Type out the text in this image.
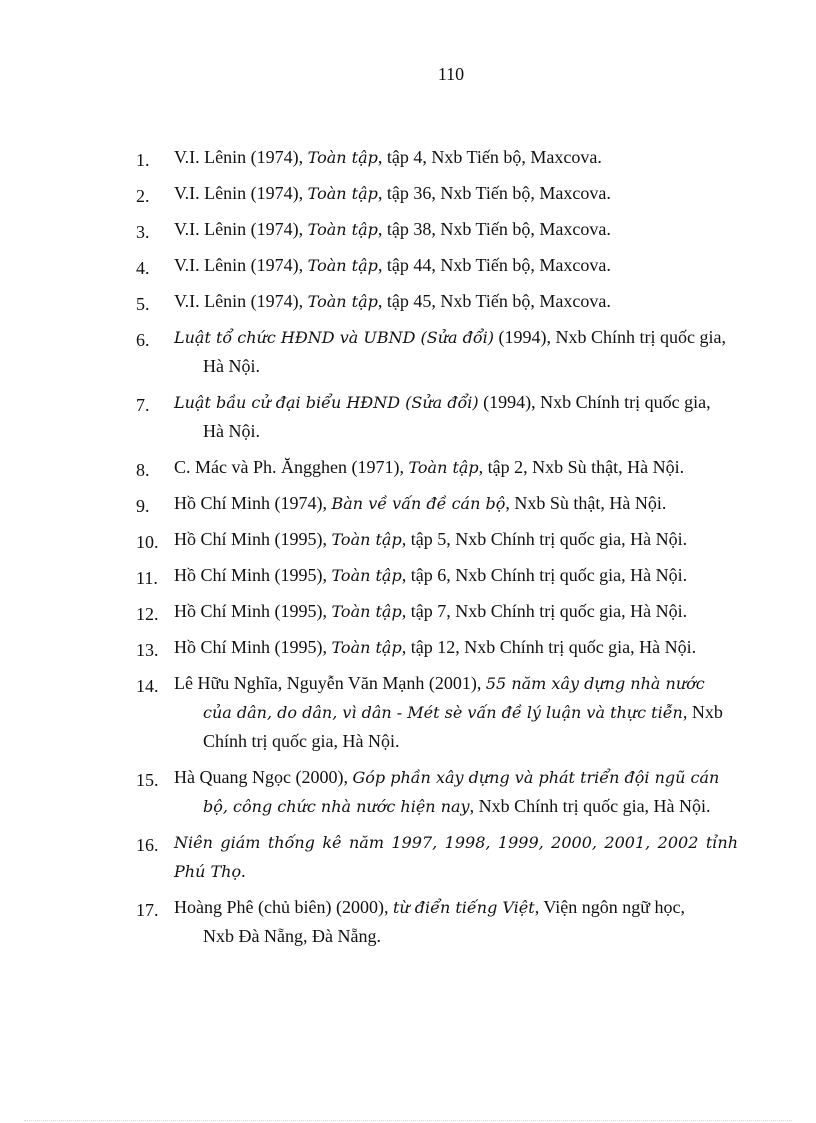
110
1.	V.I. Lênin (1974), Toàn tập, tập 4, Nxb Tiến bộ, Maxcova.
2.	V.I. Lênin (1974), Toàn tập, tập 36, Nxb Tiến bộ, Maxcova.
3.	V.I. Lênin (1974), Toàn tập, tập 38, Nxb Tiến bộ, Maxcova.
4.	V.I. Lênin (1974), Toàn tập, tập 44, Nxb Tiến bộ, Maxcova.
5.	V.I. Lênin (1974), Toàn tập, tập 45, Nxb Tiến bộ, Maxcova.
6.	Luật tổ chức HĐND và UBND (Sửa đổi) (1994), Nxb Chính trị quốc gia,
Hà Nội.
7.	Luật bầu cử đại biểu HĐND (Sửa đổi) (1994), Nxb Chính trị quốc gia,
Hà Nội.
8.	C. Mác và Ph. Ăngghen (1971), Toàn tập, tập 2, Nxb Sù thật, Hà Nội.
9.	Hồ Chí Minh (1974), Bàn về vấn đề cán bộ, Nxb Sù thật, Hà Nội.
10. Hồ Chí Minh (1995), Toàn tập, tập 5, Nxb Chính trị quốc gia, Hà Nội.
11. Hồ Chí Minh (1995), Toàn tập, tập 6, Nxb Chính trị quốc gia, Hà Nội.
12. Hồ Chí Minh (1995), Toàn tập, tập 7, Nxb Chính trị quốc gia, Hà Nội.
13. Hồ Chí Minh (1995), Toàn tập, tập 12, Nxb Chính trị quốc gia, Hà Nội.
14. Lê Hữu Nghĩa, Nguyễn Văn Mạnh (2001), 55 năm xây dựng nhà nước
của dân, do dân, vì dân - Mét sè vấn đề lý luận và thực tiễn, Nxb
Chính trị quốc gia, Hà Nội.
15. Hà Quang Ngọc (2000), Góp phần xây dựng và phát triển đội ngũ cán
bộ, công chức nhà nước hiện nay, Nxb Chính trị quốc gia, Hà Nội.
16. Niên giám thống kê năm 1997, 1998, 1999, 2000, 2001, 2002 tỉnh Phú Thọ.
17. Hoàng Phê (chủ biên) (2000), từ điển tiếng Việt, Viện ngôn ngữ học,
Nxb Đà Nẵng, Đà Nẵng.
